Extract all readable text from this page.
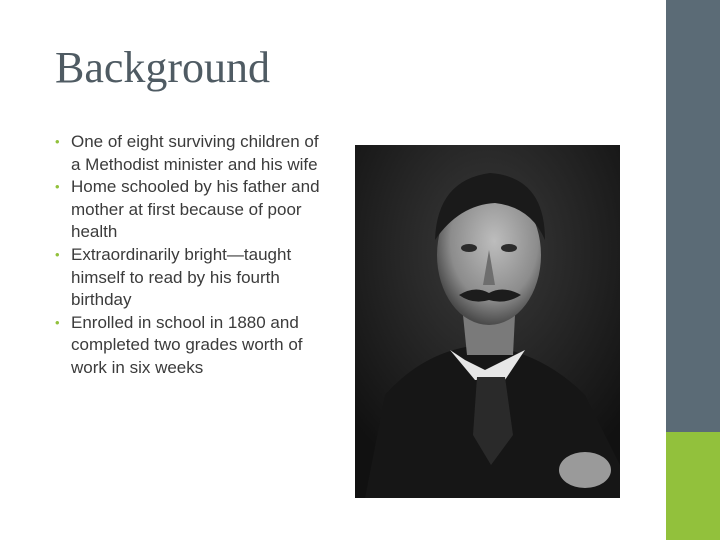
Background
• One of eight surviving children of a Methodist minister and his wife
• Home schooled by his father and mother at first because of poor health
• Extraordinarily bright—taught himself to read by his fourth birthday
• Enrolled in school in 1880 and completed two grades worth of work in six weeks
